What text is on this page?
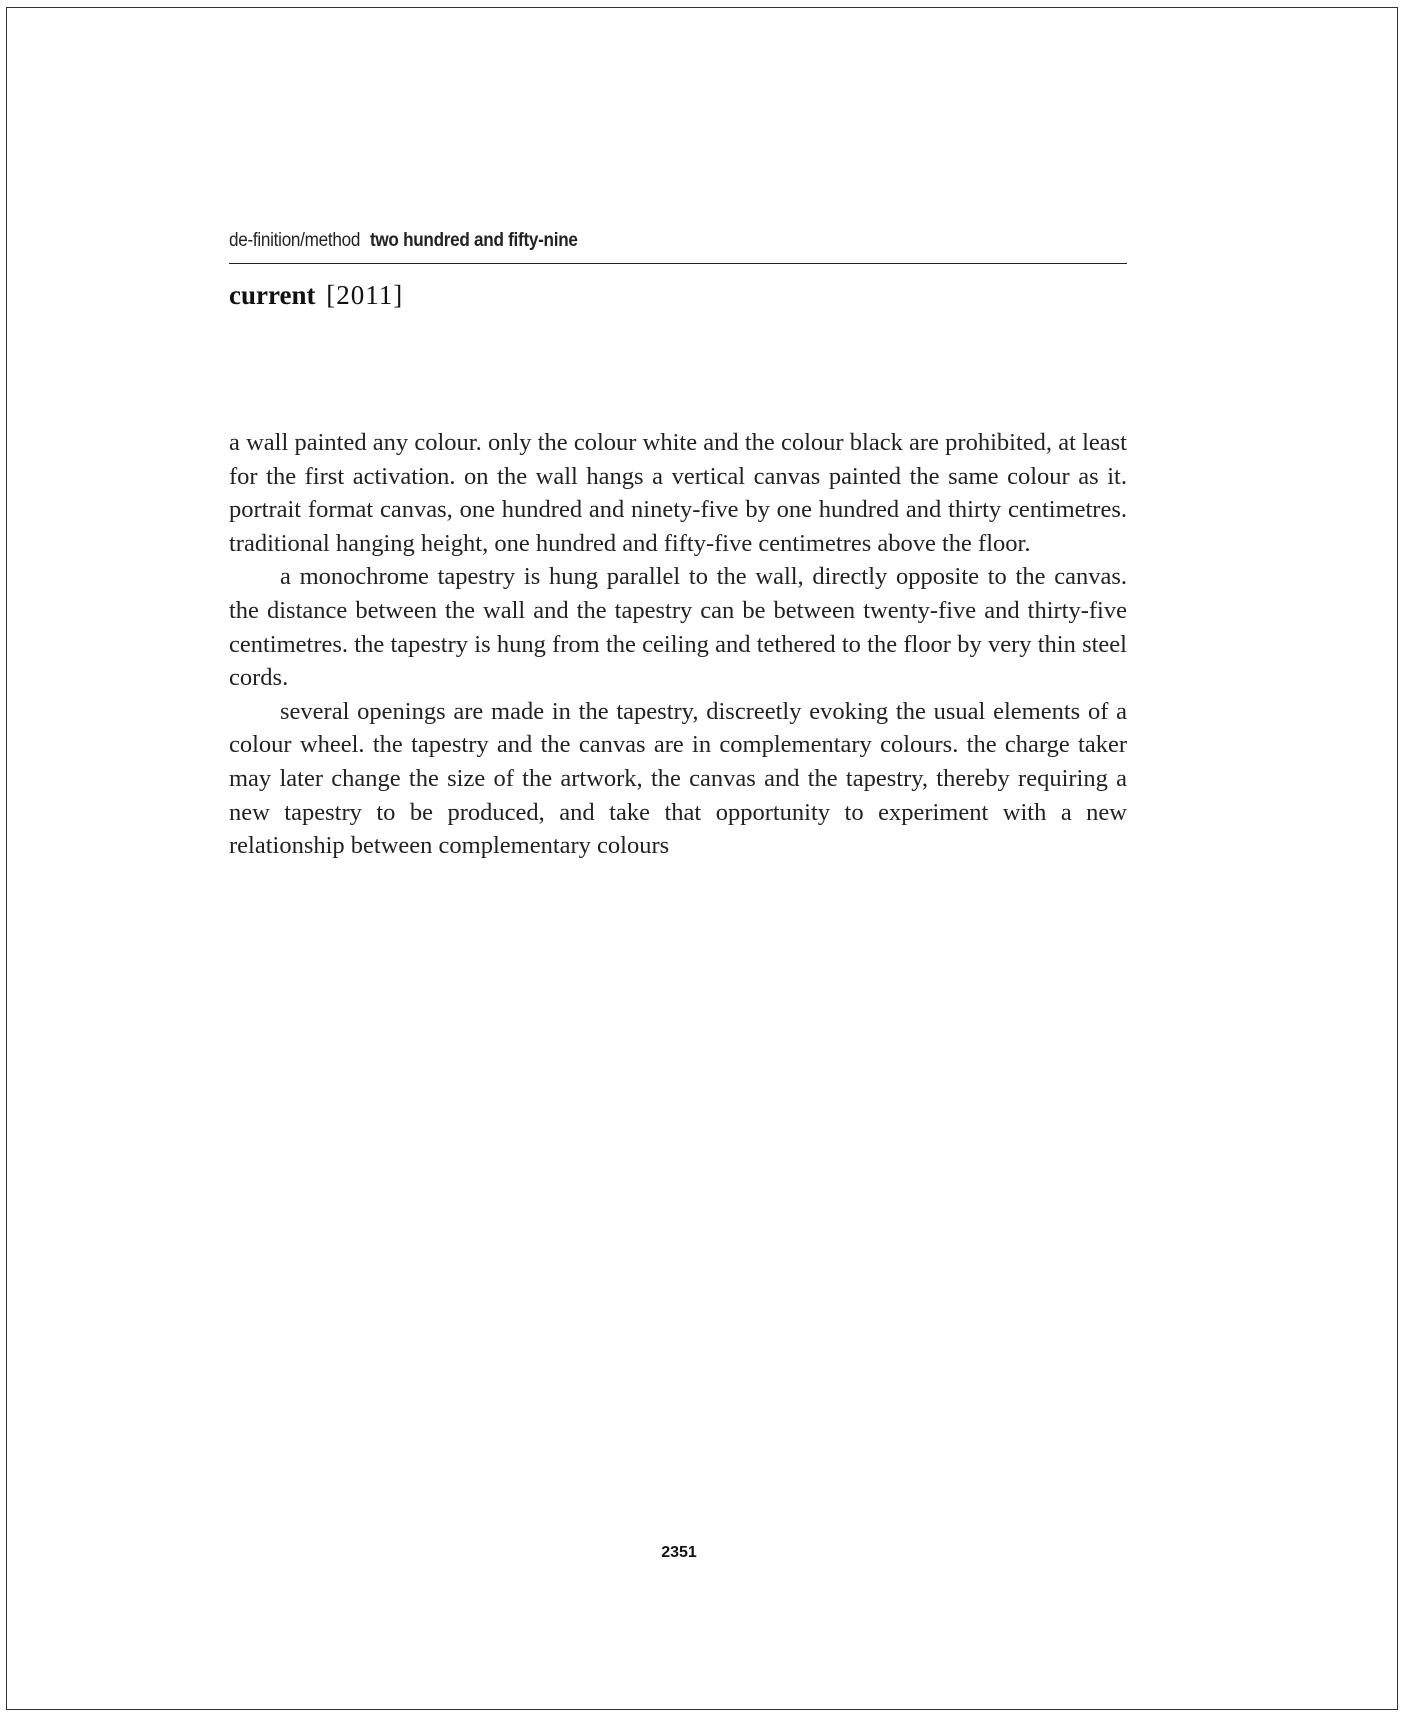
de-finition/method two hundred and fifty-nine
current [2011]

a wall painted any colour. only the colour white and the colour black are prohibited, at least for the first activation. on the wall hangs a vertical canvas painted the same colour as it. portrait format canvas, one hundred and ninety-five by one hundred and thirty centimetres. traditional hanging height, one hundred and fifty-five centimetres above the floor.

a monochrome tapestry is hung parallel to the wall, directly opposite to the canvas. the distance between the wall and the tapestry can be between twenty-five and thirty-five centimetres. the tapestry is hung from the ceiling and tethered to the floor by very thin steel cords.

several openings are made in the tapestry, discreetly evoking the usual elements of a colour wheel. the tapestry and the canvas are in complementary colours. the charge taker may later change the size of the artwork, the canvas and the tapestry, thereby requiring a new tapestry to be produced, and take that opportunity to experiment with a new relationship between complementary colours

2351
